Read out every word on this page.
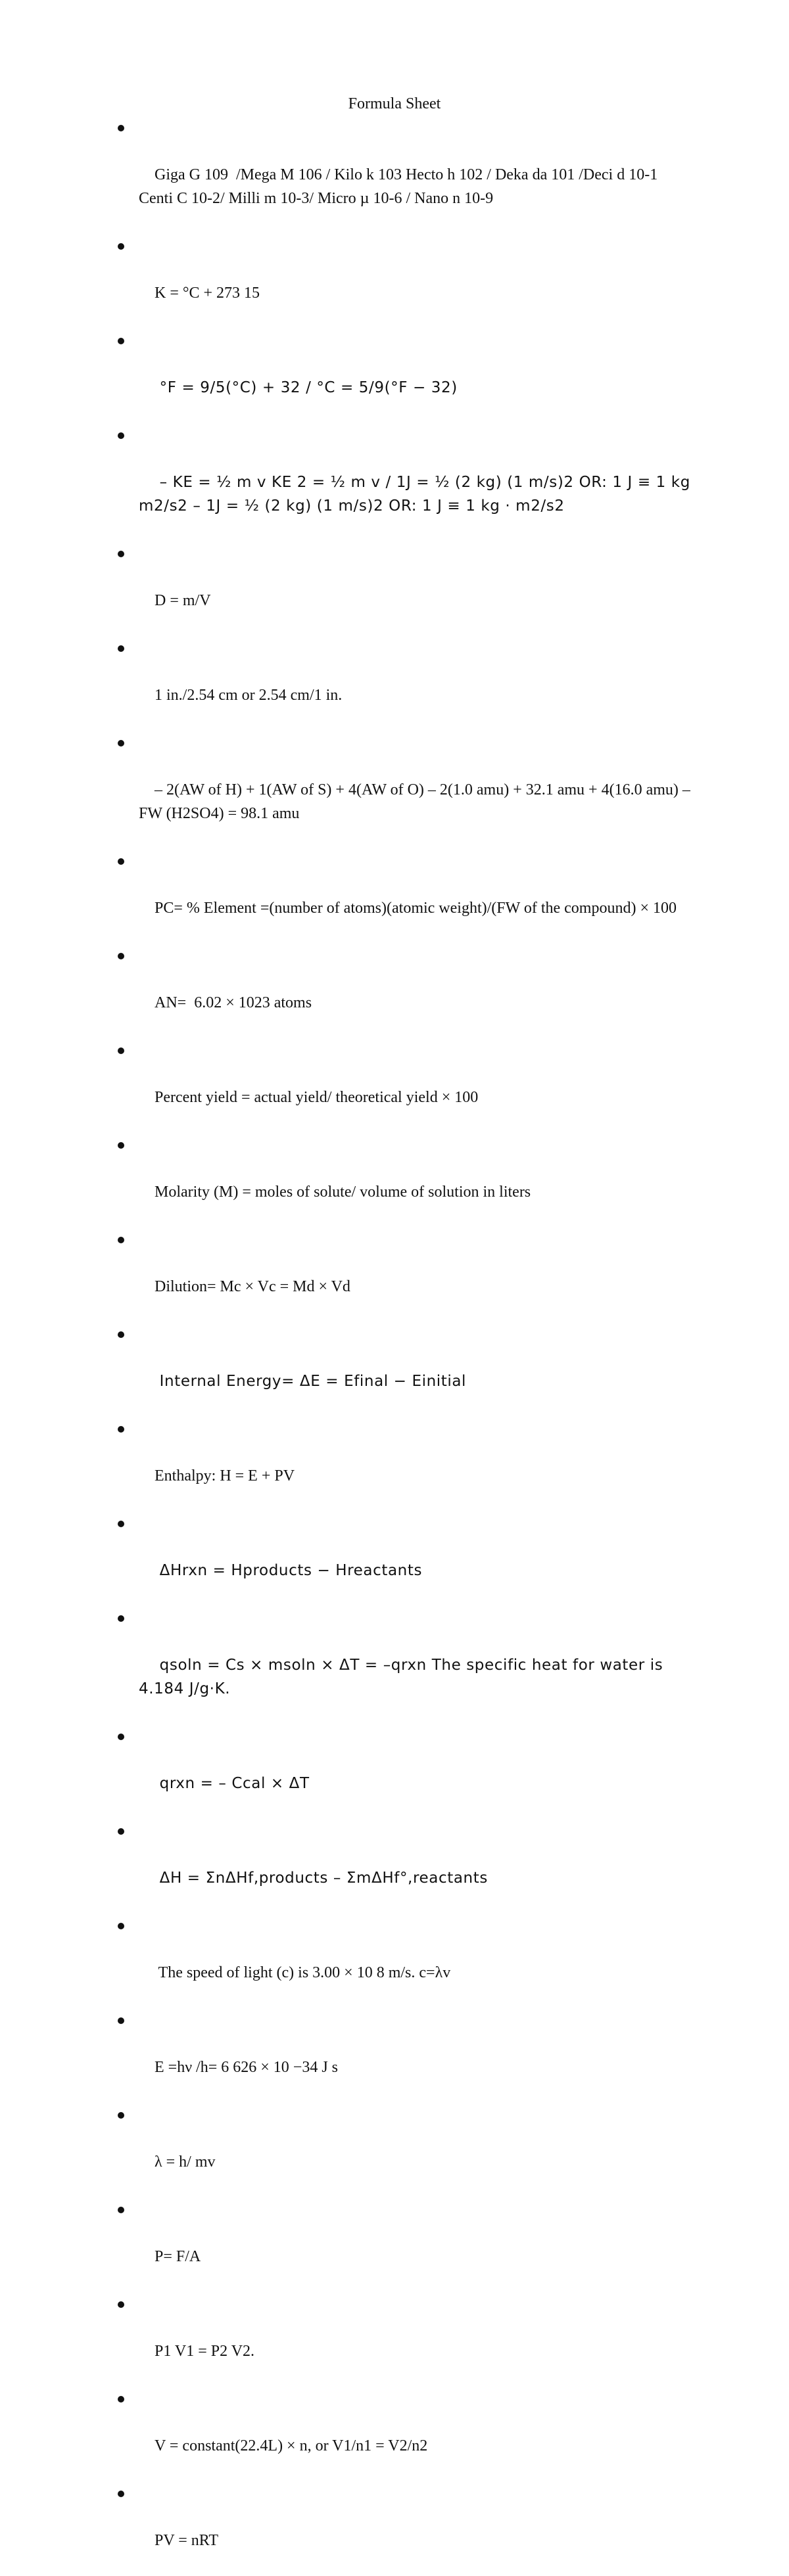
Formula Sheet

Giga G 109  /Mega M 106 / Kilo k 103 Hecto h 102 / Deka da 101 /Deci d 10-1   Centi C 10-2/ Milli m 10-3/ Micro µ 10-6 / Nano n 10-9

K = °C + 273 15

°F = 9/5(°C) + 32 / °C = 5/9(°F − 32)

– KE = ½ m v KE 2 = ½ m v / 1J = ½ (2 kg) (1 m/s)2 OR: 1 J ≡ 1 kg m2/s2 – 1J = ½ (2 kg) (1 m/s)2 OR: 1 J ≡ 1 kg · m2/s2

D = m/V

1 in./2.54 cm or 2.54 cm/1 in.

– 2(AW of H) + 1(AW of S) + 4(AW of O) – 2(1.0 amu) + 32.1 amu + 4(16.0 amu) – FW (H2SO4) = 98.1 amu

PC= % Element =(number of atoms)(atomic weight)/(FW of the compound) × 100

AN=  6.02 × 1023 atoms

Percent yield = actual yield/ theoretical yield × 100

Molarity (M) = moles of solute/ volume of solution in liters

Dilution= Mc × Vc = Md × Vd

Internal Energy= ΔE = Efinal − Einitial

Enthalpy: H = E + PV

ΔHrxn = Hproducts − Hreactants

qsoln = Cs × msoln × ΔT = –qrxn The specific heat for water is 4.184 J/g·K.

qrxn = – Ccal × ΔT

ΔH = ΣnΔHf,products – ΣmΔHf°,reactants

The speed of light (c) is 3.00 × 10 8 m/s. c=λv

E =hν /h= 6 626 × 10 −34 J s

λ = h/ mv

P= F/A

P1 V1 = P2 V2.

V = constant(22.4L) × n, or V1/n1 = V2/n2

PV = nRT
